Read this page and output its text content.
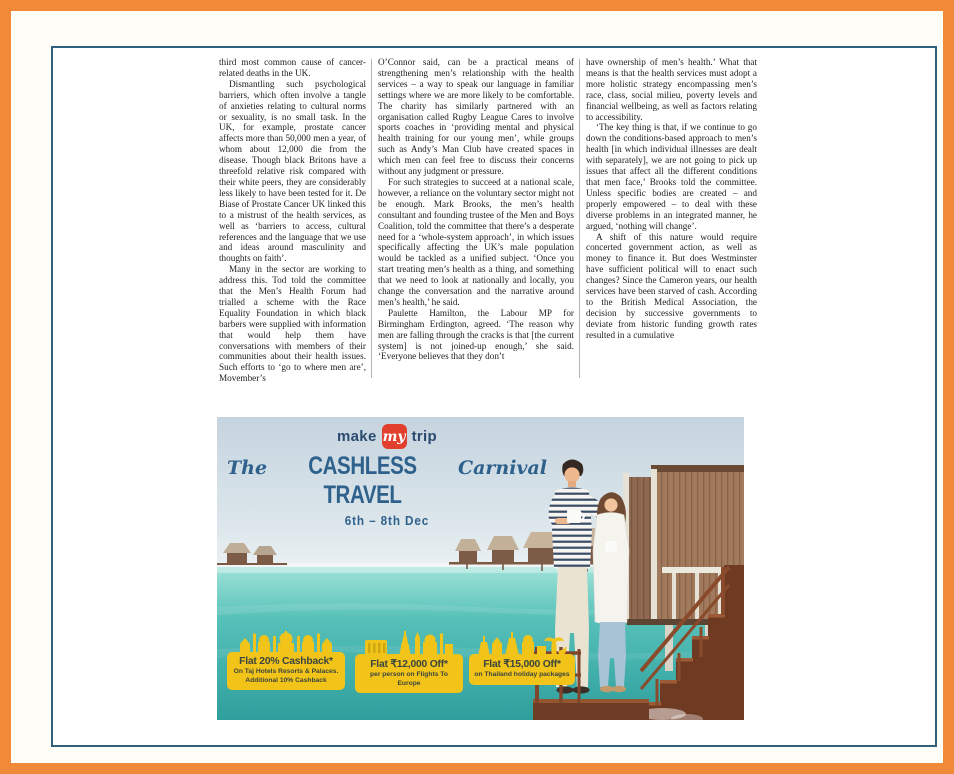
third most common cause of cancer-related deaths in the UK.

Dismantling such psychological barriers, which often involve a tangle of anxieties relating to cultural norms or sexuality, is no small task. In the UK, for example, prostate cancer affects more than 50,000 men a year, of whom about 12,000 die from the disease. Though black Britons have a threefold relative risk compared with their white peers, they are considerably less likely to have been tested for it. De Biase of Prostate Cancer UK linked this to a mistrust of the health services, as well as ‘barriers to access, cultural references and the language that we use and ideas around masculinity and thoughts on faith’.

Many in the sector are working to address this. Tod told the committee that the Men’s Health Forum had trialled a scheme with the Race Equality Foundation in which black barbers were supplied with information that would help them have conversations with members of their communities about their health issues. Such efforts to ‘go to where men are’, Movember’s

O’Connor said, can be a practical means of strengthening men’s relationship with the health services – a way to speak our language in familiar settings where we are more likely to be comfortable. The charity has similarly partnered with an organisation called Rugby League Cares to involve sports coaches in ‘providing mental and physical health training for our young men’, while groups such as Andy’s Man Club have created spaces in which men can feel free to discuss their concerns without any judgment or pressure.

For such strategies to succeed at a national scale, however, a reliance on the voluntary sector might not be enough. Mark Brooks, the men’s health consultant and founding trustee of the Men and Boys Coalition, told the committee that there’s a desperate need for a ‘whole-system approach’, in which issues specifically affecting the UK’s male population would be tackled as a unified subject. ‘Once you start treating men’s health as a thing, and something that we need to look at nationally and locally, you change the conversation and the narrative around men’s health,’ he said.

Paulette Hamilton, the Labour MP for Birmingham Erdington, agreed. ‘The reason why men are falling through the cracks is that [the current system] is not joined-up enough,’ she said. ‘Everyone believes that they don’t

have ownership of men’s health.’ What that means is that the health services must adopt a more holistic strategy encompassing men’s race, class, social milieu, poverty levels and financial wellbeing, as well as factors relating to accessibility.

‘The key thing is that, if we continue to go down the conditions-based approach to men’s health [in which individual illnesses are dealt with separately], we are not going to pick up issues that affect all the different conditions that men face,’ Brooks told the committee. Unless specific bodies are created – and properly empowered – to deal with these diverse problems in an integrated manner, he argued, ‘nothing will change’.

A shift of this nature would require concerted government action, as well as money to finance it. But does Westminster have sufficient political will to enact such changes? Since the Cameron years, our health services have been starved of cash. According to the British Medical Association, the decision by successive governments to deviate from historic funding growth rates resulted in a cumulative

make my trip
The	CASHLESS TRAVEL
Carnival
6th – 8th Dec
Flat 20% Cashback*
On Taj Hotels Resorts & Palaces. Additional 10% Cashback
Flat ₹12,000 Off*
per person on Flights To Europe
Flat ₹15,000 Off*
on Thailand holiday packages
